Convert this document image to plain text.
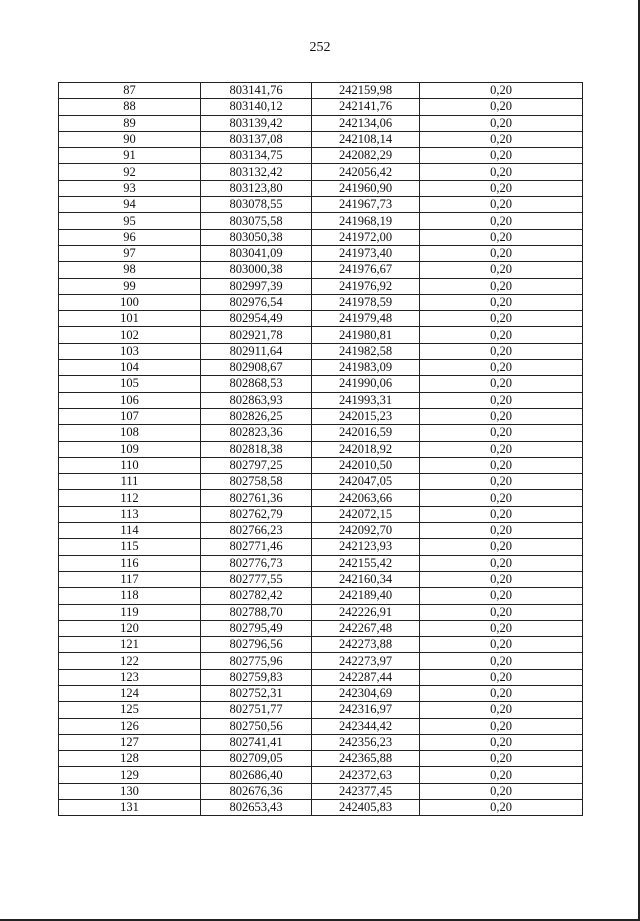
252
87	803141,76	242159,98	0,20
88	803140,12	242141,76	0,20
89	803139,42	242134,06	0,20
90	803137,08	242108,14	0,20
91	803134,75	242082,29	0,20
92	803132,42	242056,42	0,20
93	803123,80	241960,90	0,20
94	803078,55	241967,73	0,20
95	803075,58	241968,19	0,20
96	803050,38	241972,00	0,20
97	803041,09	241973,40	0,20
98	803000,38	241976,67	0,20
99	802997,39	241976,92	0,20
100	802976,54	241978,59	0,20
101	802954,49	241979,48	0,20
102	802921,78	241980,81	0,20
103	802911,64	241982,58	0,20
104	802908,67	241983,09	0,20
105	802868,53	241990,06	0,20
106	802863,93	241993,31	0,20
107	802826,25	242015,23	0,20
108	802823,36	242016,59	0,20
109	802818,38	242018,92	0,20
110	802797,25	242010,50	0,20
111	802758,58	242047,05	0,20
112	802761,36	242063,66	0,20
113	802762,79	242072,15	0,20
114	802766,23	242092,70	0,20
115	802771,46	242123,93	0,20
116	802776,73	242155,42	0,20
117	802777,55	242160,34	0,20
118	802782,42	242189,40	0,20
119	802788,70	242226,91	0,20
120	802795,49	242267,48	0,20
121	802796,56	242273,88	0,20
122	802775,96	242273,97	0,20
123	802759,83	242287,44	0,20
124	802752,31	242304,69	0,20
125	802751,77	242316,97	0,20
126	802750,56	242344,42	0,20
127	802741,41	242356,23	0,20
128	802709,05	242365,88	0,20
129	802686,40	242372,63	0,20
130	802676,36	242377,45	0,20
131	802653,43	242405,83	0,20
